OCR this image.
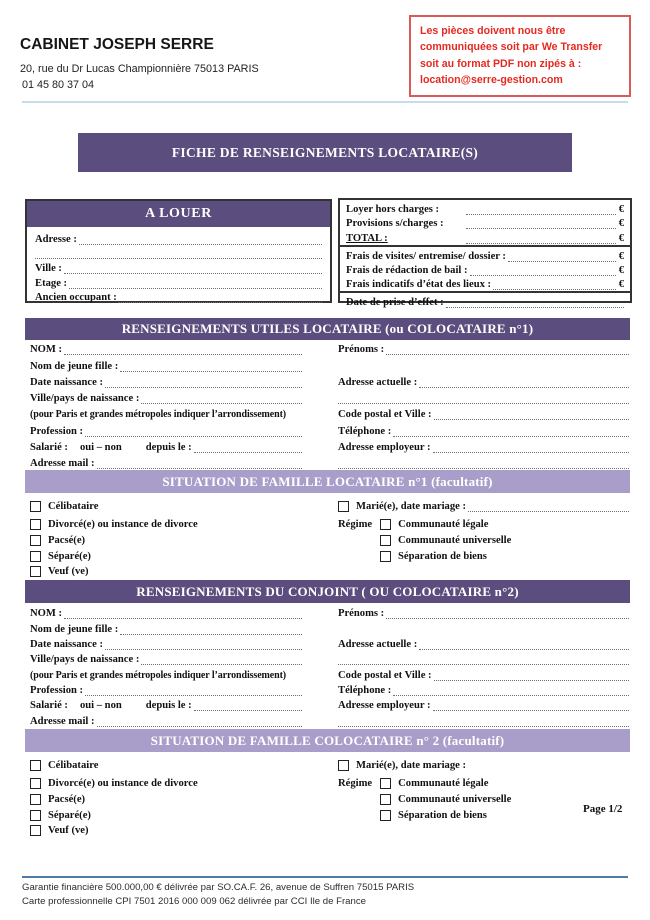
CABINET JOSEPH SERRE
20, rue du Dr Lucas Championnière 75013 PARIS
01 45 80 37 04
Les pièces doivent nous être
communiquées soit par We Transfer
soit au format PDF non zipés à :
location@serre-gestion.com
FICHE DE RENSEIGNEMENTS LOCATAIRE(S)
A LOUER
Adresse :
Ville :
Etage :
Ancien occupant :
Loyer hors charges :	€
Provisions s/charges :	€
TOTAL :	€
Frais de visites/ entremise/ dossier :	€
Frais de rédaction de bail :	€
Frais indicatifs d’état des lieux :	€
Date de prise d’effet :
RENSEIGNEMENTS UTILES LOCATAIRE (ou COLOCATAIRE n°1)
NOM :
Nom de jeune fille :
Date naissance :
Ville/pays de naissance :
(pour Paris et grandes métropoles indiquer l’arrondissement)
Profession :
Salarié : oui – non depuis le :
Adresse mail :
Prénoms :
Adresse actuelle :
Code postal et Ville :
Téléphone :
Adresse employeur :
SITUATION DE FAMILLE LOCATAIRE n°1 (facultatif)
Célibataire
Divorcé(e) ou instance de divorce
Pacsé(e)
Séparé(e)
Veuf (ve)
Marié(e), date mariage :
Régime Communauté légale
Communauté universelle
Séparation de biens
RENSEIGNEMENTS DU CONJOINT ( OU COLOCATAIRE n°2)
NOM :
Nom de jeune fille :
Date naissance :
Ville/pays de naissance :
(pour Paris et grandes métropoles indiquer l’arrondissement)
Profession :
Salarié : oui – non depuis le :
Adresse mail :
Prénoms :
Adresse actuelle :
Code postal et Ville :
Téléphone :
Adresse employeur :
SITUATION DE FAMILLE COLOCATAIRE n° 2 (facultatif)
Célibataire
Divorcé(e) ou instance de divorce
Pacsé(e)
Séparé(e)
Veuf (ve)
Marié(e), date mariage :
Régime Communauté légale
Communauté universelle
Séparation de biens
Page 1/2
Garantie financière 500.000,00 € délivrée par SO.CA.F. 26, avenue de Suffren 75015 PARIS
Carte professionnelle CPI 7501 2016 000 009 062 délivrée par CCI Ile de France
